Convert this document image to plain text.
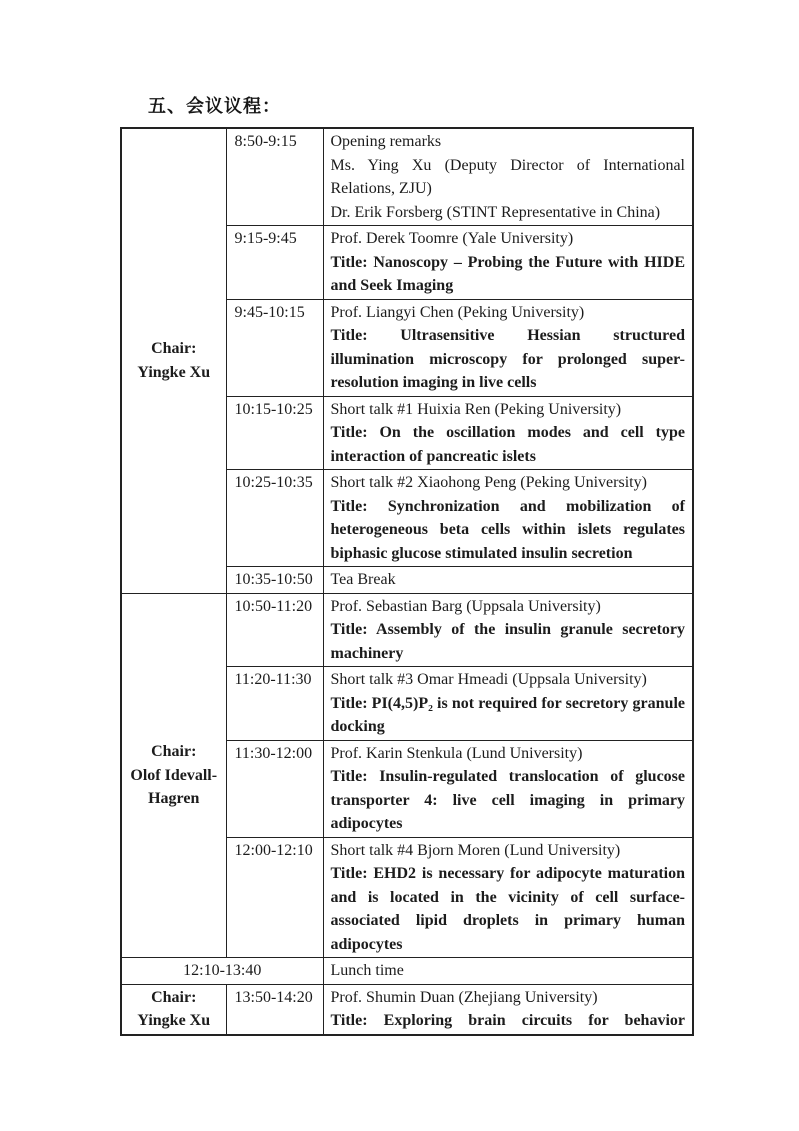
五、会议议程：
Chair:
Yingke Xu
	8:50-9:15	Opening remarks

Ms. Ying Xu (Deputy Director of International Relations, ZJU)

Dr. Erik Forsberg (STINT Representative in China)

	9:15-9:45	Prof. Derek Toomre (Yale University)

Title: Nanoscopy – Probing the Future with HIDE and Seek Imaging

	9:45-10:15	Prof. Liangyi Chen (Peking University)

Title: Ultrasensitive Hessian structured illumination microscopy for prolonged super-resolution imaging in live cells

	10:15-10:25	Short talk #1 Huixia Ren (Peking University)

Title: On the oscillation modes and cell type interaction of pancreatic islets

	10:25-10:35	Short talk #2 Xiaohong Peng (Peking University)

Title: Synchronization and mobilization of heterogeneous beta cells within islets regulates biphasic glucose stimulated insulin secretion

	10:35-10:50	Tea Break

Chair:
Olof Idevall-
Hagren
	10:50-11:20	Prof. Sebastian Barg (Uppsala University)

Title: Assembly of the insulin granule secretory machinery

	11:20-11:30	Short talk #3 Omar Hmeadi (Uppsala University)

Title: PI(4,5)P₂ is not required for secretory granule docking

	11:30-12:00	Prof. Karin Stenkula (Lund University)

Title: Insulin-regulated translocation of glucose transporter 4: live cell imaging in primary adipocytes

	12:00-12:10	Short talk #4 Bjorn Moren (Lund University)

Title: EHD2 is necessary for adipocyte maturation and is located in the vicinity of cell surface-associated lipid droplets in primary human adipocytes

12:10-13:40		Lunch time

Chair:
Yingke Xu
	13:50-14:20	Prof. Shumin Duan (Zhejiang University)

Title: Exploring brain circuits for behavior
